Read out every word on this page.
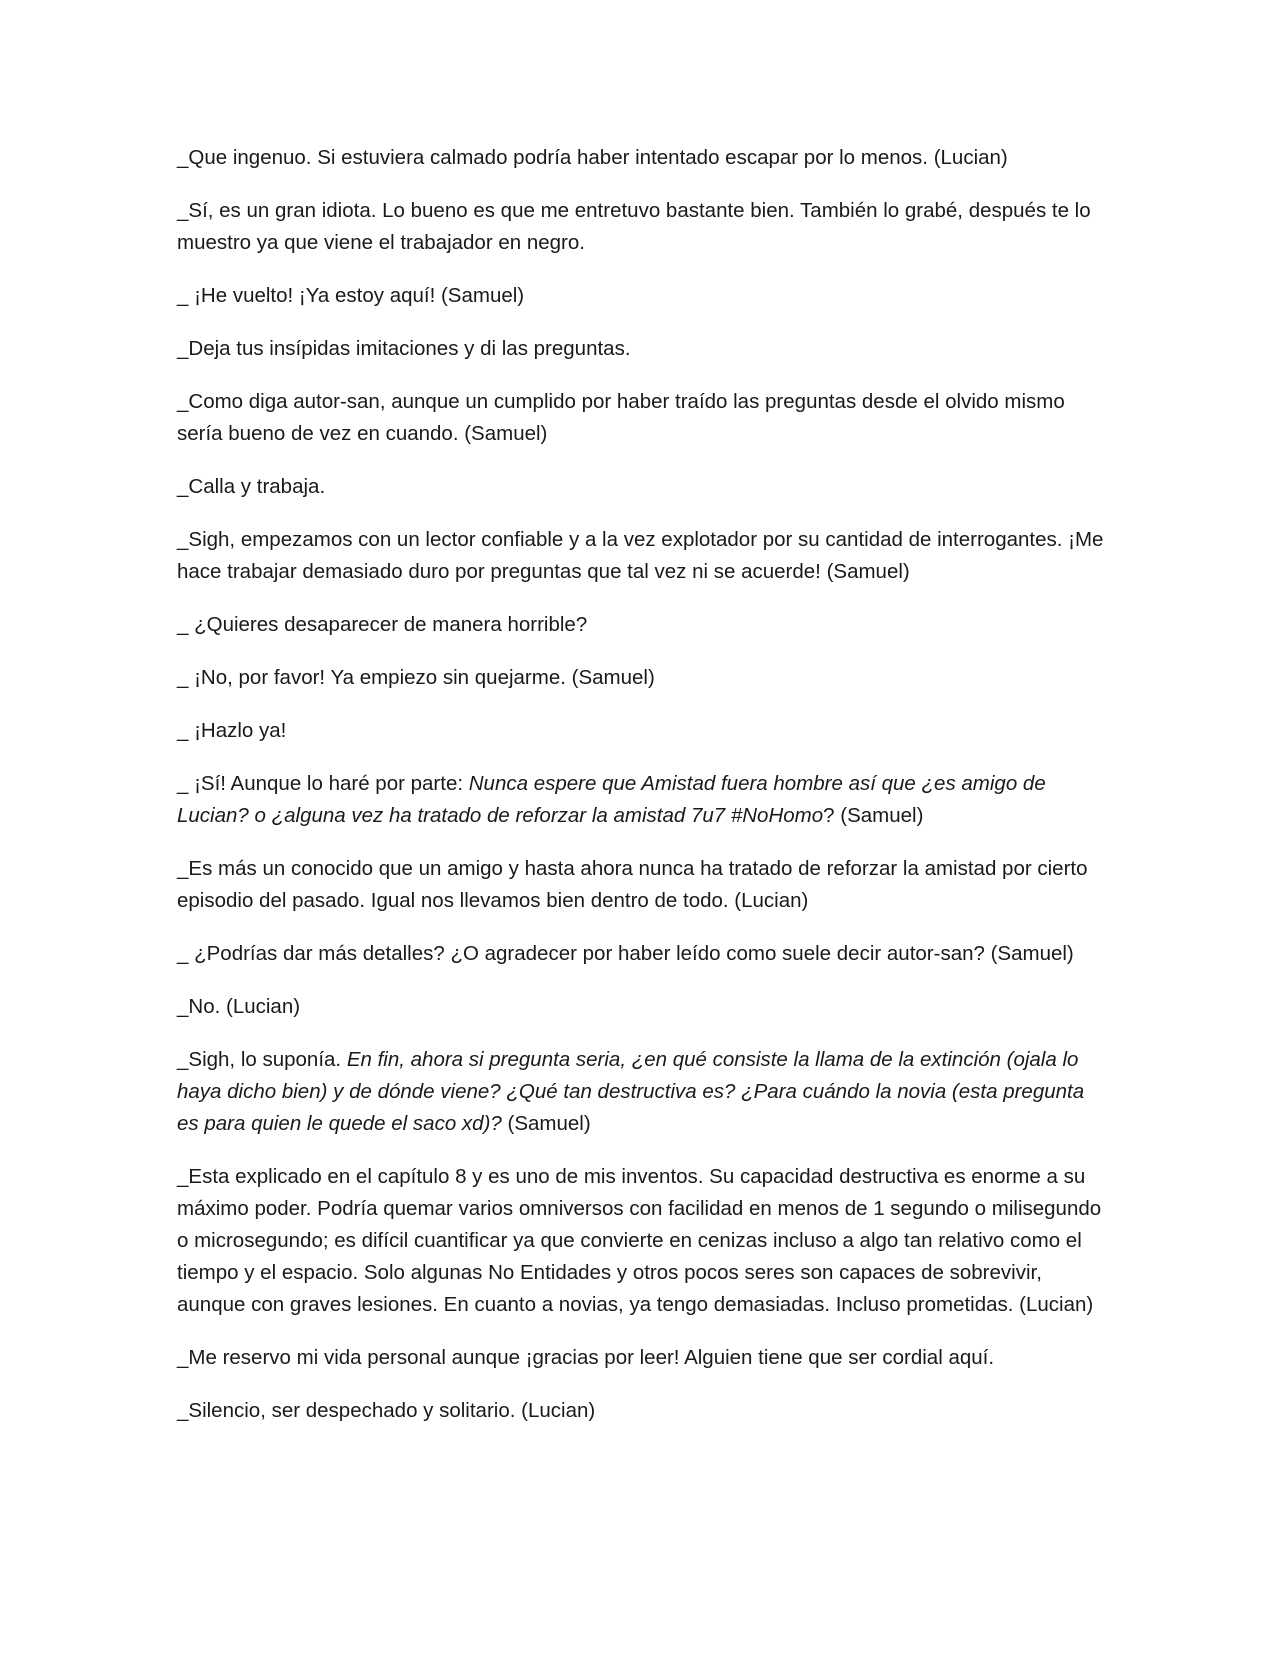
_Que ingenuo. Si estuviera calmado podría haber intentado escapar por lo menos. (Lucian)

_Sí, es un gran idiota. Lo bueno es que me entretuvo bastante bien. También lo grabé, después te lo muestro ya que viene el trabajador en negro.

_ ¡He vuelto! ¡Ya estoy aquí! (Samuel)

_Deja tus insípidas imitaciones y di las preguntas.

_Como diga autor-san, aunque un cumplido por haber traído las preguntas desde el olvido mismo sería bueno de vez en cuando. (Samuel)

_Calla y trabaja.

_Sigh, empezamos con un lector confiable y a la vez explotador por su cantidad de interrogantes. ¡Me hace trabajar demasiado duro por preguntas que tal vez ni se acuerde! (Samuel)

_ ¿Quieres desaparecer de manera horrible?

_ ¡No, por favor! Ya empiezo sin quejarme. (Samuel)

_ ¡Hazlo ya!

_ ¡Sí! Aunque lo haré por parte: Nunca espere que Amistad fuera hombre así que ¿es amigo de Lucian? o ¿alguna vez ha tratado de reforzar la amistad 7u7 #NoHomo? (Samuel)

_Es más un conocido que un amigo y hasta ahora nunca ha tratado de reforzar la amistad por cierto episodio del pasado. Igual nos llevamos bien dentro de todo. (Lucian)

_ ¿Podrías dar más detalles? ¿O agradecer por haber leído como suele decir autor-san? (Samuel)

_No. (Lucian)

_Sigh, lo suponía. En fin, ahora si pregunta seria, ¿en qué consiste la llama de la extinción (ojala lo haya dicho bien) y de dónde viene? ¿Qué tan destructiva es? ¿Para cuándo la novia (esta pregunta es para quien le quede el saco xd)? (Samuel)

_Esta explicado en el capítulo 8 y es uno de mis inventos. Su capacidad destructiva es enorme a su máximo poder. Podría quemar varios omniversos con facilidad en menos de 1 segundo o milisegundo o microsegundo; es difícil cuantificar ya que convierte en cenizas incluso a algo tan relativo como el tiempo y el espacio. Solo algunas No Entidades y otros pocos seres son capaces de sobrevivir, aunque con graves lesiones. En cuanto a novias, ya tengo demasiadas. Incluso prometidas. (Lucian)

_Me reservo mi vida personal aunque ¡gracias por leer! Alguien tiene que ser cordial aquí.

_Silencio, ser despechado y solitario. (Lucian)
